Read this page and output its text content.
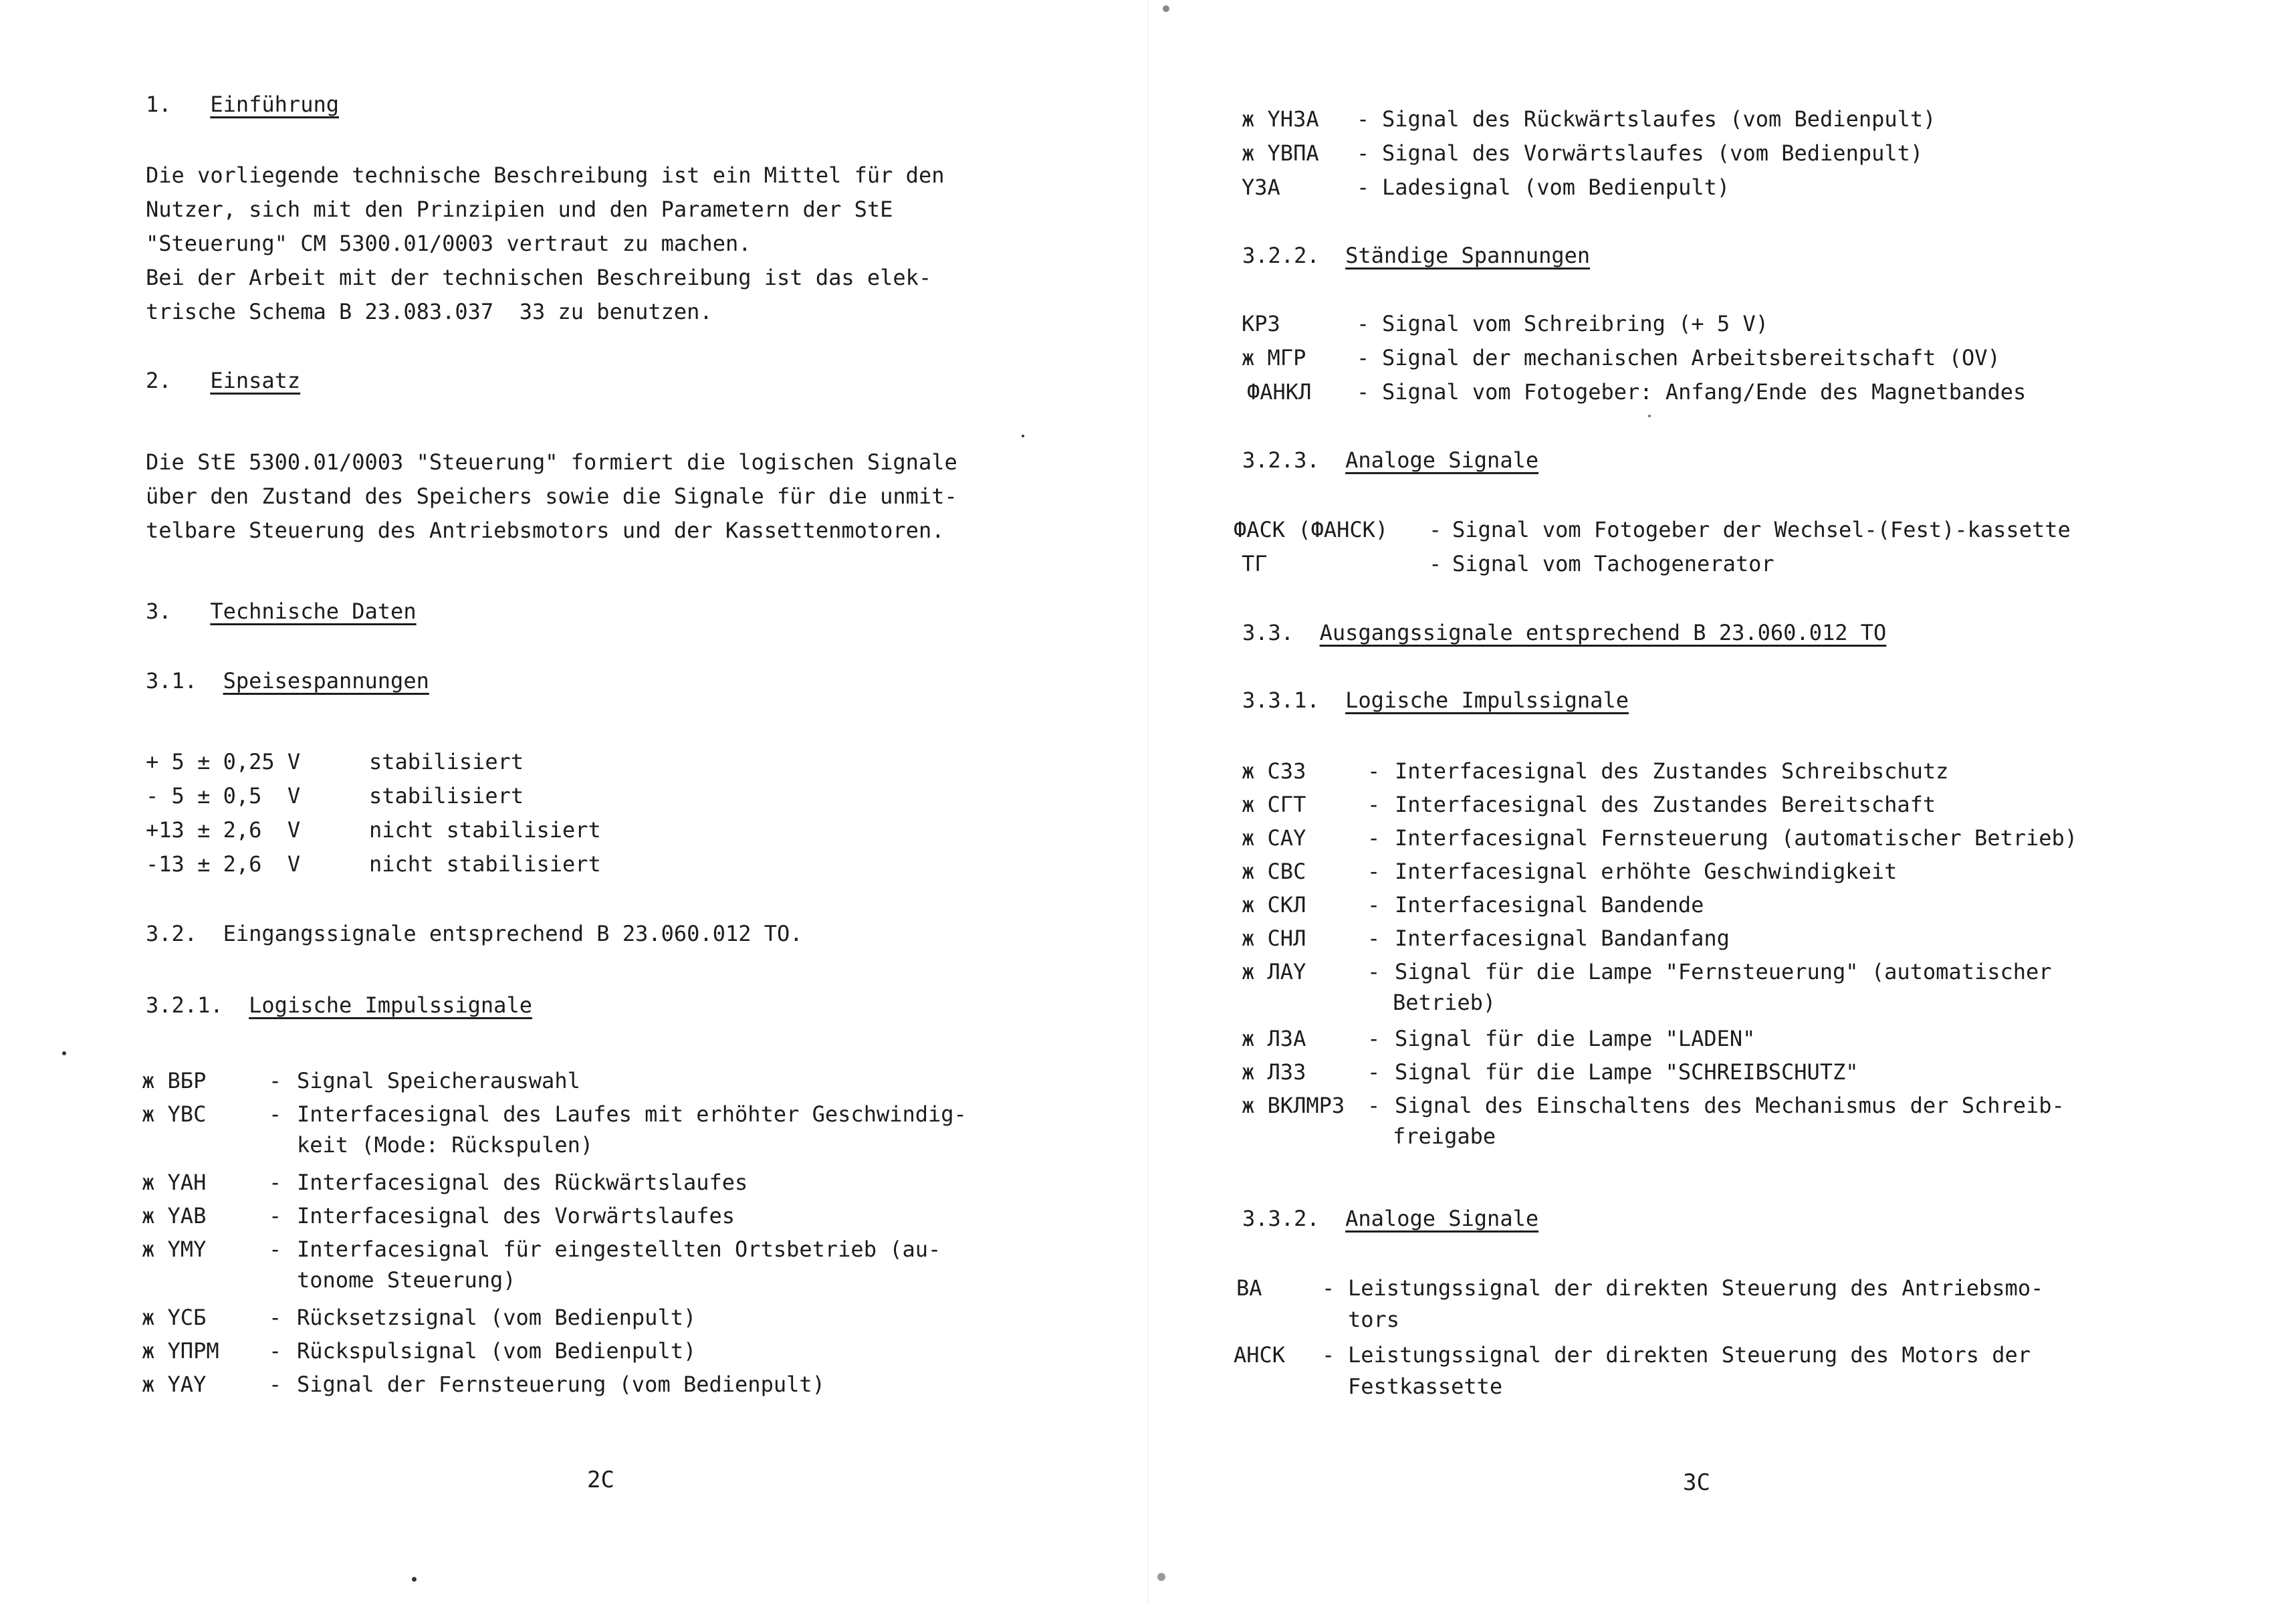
1. Einführung
Die vorliegende technische Beschreibung ist ein Mittel für den
Nutzer, sich mit den Prinzipien und den Parametern der StE
"Steuerung" CM 5300.01/0003 vertraut zu machen.
Bei der Arbeit mit der technischen Beschreibung ist das elek-
trische Schema B 23.083.037  ЗЗ zu benutzen.
2. Einsatz
Die StE 5300.01/0003 "Steuerung" formiert die logischen Signale
über den Zustand des Speichers sowie die Signale für die unmit-
telbare Steuerung des Antriebsmotors und der Kassettenmotoren.
3. Technische Daten
3.1. Speisespannungen
+ 5 ± 0,25 V	stabilisiert
- 5 ± 0,5  V	stabilisiert
+13 ± 2,6  V	nicht stabilisiert
-13 ± 2,6  V	nicht stabilisiert
3.2. Eingangssignale entsprechend B 23.060.012 TO.
3.2.1. Logische Impulssignale
ж ВБР	- Signal Speicherauswahl
ж YBC	- Interfacesignal des Laufes mit erhöhter Geschwindig-
keit (Mode: Rückspulen)
ж YAH	- Interfacesignal des Rückwärtslaufes
ж YAB	- Interfacesignal des Vorwärtslaufes
ж YMY	- Interfacesignal für eingestellten Ortsbetrieb (au-
tonome Steuerung)
ж YCБ	- Rücksetzsignal (vom Bedienpult)
ж YПPM - Rückspulsignal (vom Bedienpult)
ж YAY	- Signal der Fernsteuerung (vom Bedienpult)
2C
ж YH3A - Signal des Rückwärtslaufes (vom Bedienpult)
ж YBПA - Signal des Vorwärtslaufes (vom Bedienpult)
Y3A	- Ladesignal (vom Bedienpult)
3.2.2. Ständige Spannungen
KP3	- Signal vom Schreibring (+ 5 V)
ж MГP - Signal der mechanischen Arbeitsbereitschaft (OV)
ФAHKЛ - Signal vom Fotogeber: Anfang/Ende des Magnetbandes
3.2.3. Analoge Signale
ФACK (ФAHCK) - Signal vom Fotogeber der Wechsel-(Fest)-kassette
TГ	- Signal vom Tachogenerator
3.3. Ausgangssignale entsprechend B 23.060.012 TO
3.3.1. Logische Impulssignale
ж C33	- Interfacesignal des Zustandes Schreibschutz
ж CГT	- Interfacesignal des Zustandes Bereitschaft
ж CAY	- Interfacesignal Fernsteuerung (automatischer Betrieb)
ж CBC	- Interfacesignal erhöhte Geschwindigkeit
ж CKЛ	- Interfacesignal Bandende
ж CHЛ	- Interfacesignal Bandanfang
ж ЛAY	- Signal für die Lampe "Fernsteuerung" (automatischer
Betrieb)
ж Л3A	- Signal für die Lampe "LADEN"
ж Л33	- Signal für die Lampe "SCHREIBSCHUTZ"
ж BKЛMP3 - Signal des Einschaltens des Mechanismus der Schreib-
freigabe
3.3.2. Analoge Signale
BA	- Leistungssignal der direkten Steuerung des Antriebsmo-
tors
AHCK - Leistungssignal der direkten Steuerung des Motors der
Festkassette
3C
